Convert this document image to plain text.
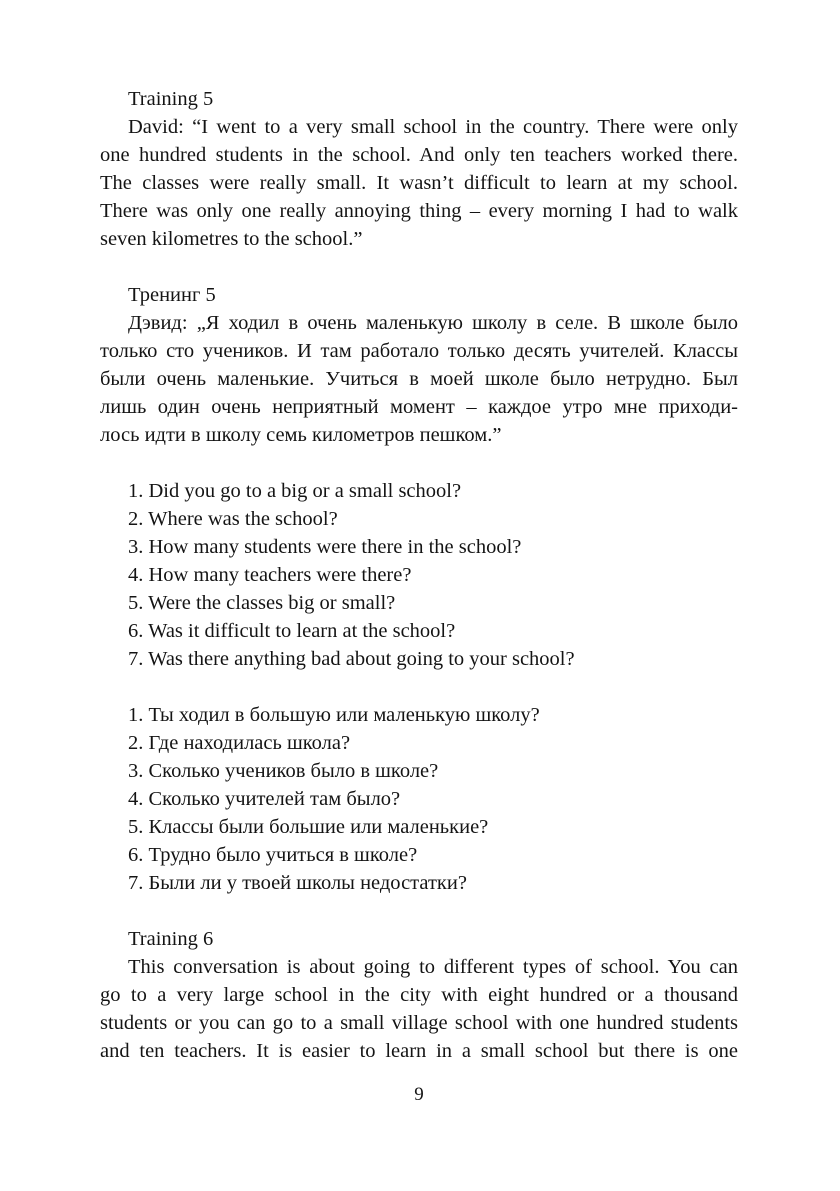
Training 5
David: “I went to a very small school in the country. There were only
one hundred students in the school. And only ten teachers worked there.
The classes were really small. It wasn’t difficult to learn at my school.
There was only one really annoying thing – every morning I had to walk
seven kilometres to the school.”
Тренинг 5
Дэвид: „Я ходил в очень маленькую школу в селе. В школе было
только сто учеников. И там работало только десять учителей. Классы
были очень маленькие. Учиться в моей школе было нетрудно. Был
лишь один очень неприятный момент – каждое утро мне приходи-
лось идти в школу семь километров пешком.”
1. Did you go to a big or a small school?
2. Where was the school?
3. How many students were there in the school?
4. How many teachers were there?
5. Were the classes big or small?
6. Was it difficult to learn at the school?
7. Was there anything bad about going to your school?
1. Ты ходил в большую или маленькую школу?
2. Где находилась школа?
3. Сколько учеников было в школе?
4. Сколько учителей там было?
5. Классы были большие или маленькие?
6. Трудно было учиться в школе?
7. Были ли у твоей школы недостатки?
Training 6
This conversation is about going to different types of school. You can
go to a very large school in the city with eight hundred or a thousand
students or you can go to a small village school with one hundred students
and ten teachers. It is easier to learn in a small school but there is one
9
